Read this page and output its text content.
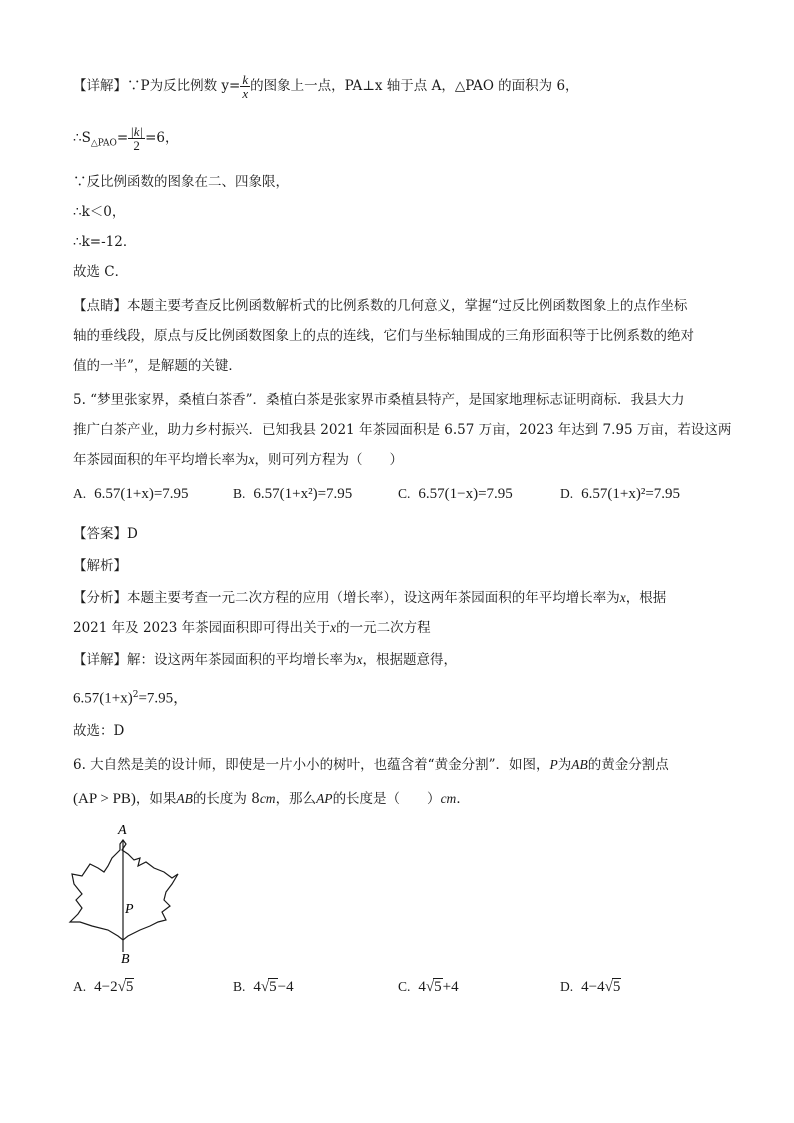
【详解】∵P为反比例数 $y= \frac{k}{x}$ 的图象上一点，PA⊥x 轴于点 A，△PAO 的面积为 6，
$\therefore S_{\triangle PAO}= \frac{|k|}{2} =6$，
∵反比例函数的图象在二、四象限，
∴k＜0，
∴k=-12．
故选 C．
【点睛】本题主要考查反比例函数解析式的比例系数的几何意义，掌握“过反比例函数图象上的点作坐标
轴的垂线段，原点与反比例函数图象上的点的连线，它们与坐标轴围成的三角形面积等于比例系数的绝对
值的一半”，是解题的关键．
5. “梦里张家界，桑植白茶香”．桑植白茶是张家界市桑植县特产，是国家地理标志证明商标．我县大力
推广白茶产业，助力乡村振兴．已知我县 2021 年茶园面积是 6.57 万亩，2023 年达到 7.95 万亩，若设这两
年茶园面积的年平均增长率为x，则可列方程为（　　）
A. 6.57(1+x)=7.95	B. 6.57(1+x²)=7.95	C. 6.57(1−x)=7.95	D. 6.57(1+x)²=7.95
【答案】D
【解析】
【分析】本题主要考查一元二次方程的应用（增长率），设这两年茶园面积的年平均增长率为x，根据
2021 年及 2023 年茶园面积即可得出关于x的一元二次方程
【详解】解：设这两年茶园面积的平均增长率为x，根据题意得，
$6.57(1+x)^2=7.95$，
故选：D
6. 大自然是美的设计师，即使是一片小小的树叶，也蕴含着“黄金分割”．如图，P为AB的黄金分割点
(AP > PB)，如果AB的长度为 8cm，那么AP的长度是（　　）cm．
A
P
B
A. 4−2√5	B. 4√5−4	C. 4√5+4	D. 4−4√5
